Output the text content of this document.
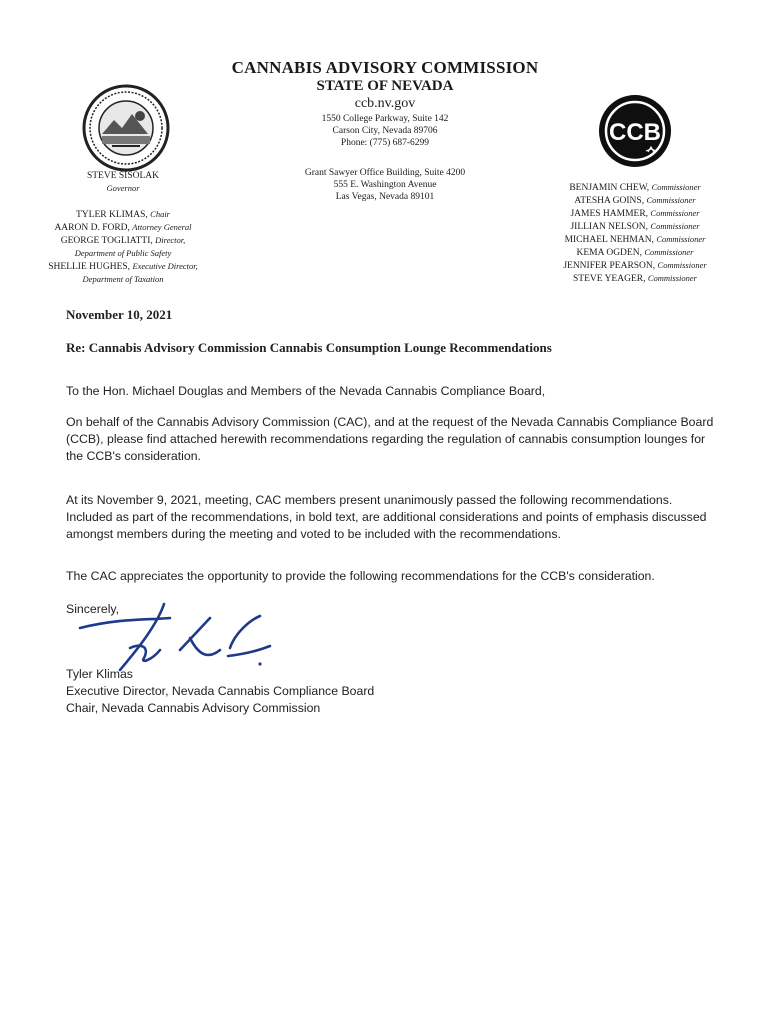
CANNABIS ADVISORY COMMISSION
STATE OF NEVADA
ccb.nv.gov
1550 College Parkway, Suite 142
Carson City, Nevada 89706
Phone: (775) 687-6299
Grant Sawyer Office Building, Suite 4200
555 E. Washington Avenue
Las Vegas, Nevada 89101
CCB
STEVE SISOLAK
Governor
TYLER KLIMAS, Chair
AARON D. FORD, Attorney General
GEORGE TOGLIATTI, Director,
Department of Public Safety
SHELLIE HUGHES, Executive Director,
Department of Taxation
BENJAMIN CHEW, Commissioner
ATESHA GOINS, Commissioner
JAMES HAMMER, Commissioner
JILLIAN NELSON, Commissioner
MICHAEL NEHMAN, Commissioner
KEMA OGDEN, Commissioner
JENNIFER PEARSON, Commissioner
STEVE YEAGER, Commissioner

November 10, 2021

Re: Cannabis Advisory Commission Cannabis Consumption Lounge Recommendations

To the Hon. Michael Douglas and Members of the Nevada Cannabis Compliance Board,

On behalf of the Cannabis Advisory Commission (CAC), and at the request of the Nevada Cannabis Compliance Board (CCB), please find attached herewith recommendations regarding the regulation of cannabis consumption lounges for the CCB's consideration.

At its November 9, 2021, meeting, CAC members present unanimously passed the following recommendations. Included as part of the recommendations, in bold text, are additional considerations and points of emphasis discussed amongst members during the meeting and voted to be included with the recommendations.

The CAC appreciates the opportunity to provide the following recommendations for the CCB's consideration.

Sincerely,

Tyler Klimas
Executive Director, Nevada Cannabis Compliance Board
Chair, Nevada Cannabis Advisory Commission
